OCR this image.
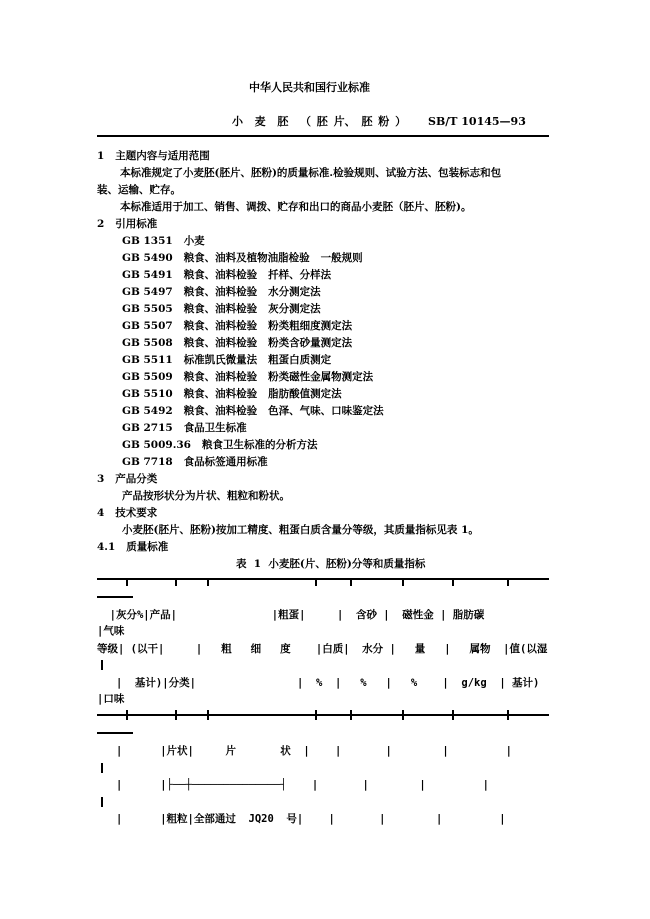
中华人民共和国行业标准
小  麦  胚  （ 胚 片、 胚 粉 ） SB/T 10145—93
1   主题内容与适用范围
本标准规定了小麦胚(胚片、胚粉)的质量标准.检验规则、试验方法、包装标志和包
装、运输、贮存。
本标准适用于加工、销售、调拨、贮存和出口的商品小麦胚（胚片、胚粉)。
2   引用标准
GB 1351   小麦
GB 5490   粮食、油料及植物油脂检验   一般规则
GB 5491   粮食、油料检验   扦样、分样法
GB 5497   粮食、油料检验   水分测定法
GB 5505   粮食、油料检验   灰分测定法
GB 5507   粮食、油料检验   粉类粗细度测定法
GB 5508   粮食、油料检验   粉类含砂量测定法
GB 5511   标准凯氏微量法   粗蛋白质测定
GB 5509   粮食、油料检验   粉类磁性金属物测定法
GB 5510   粮食、油料检验   脂肪酸值测定法
GB 5492   粮食、油料检验   色泽、气味、口味鉴定法
GB 2715   食品卫生标准
GB 5009.36   粮食卫生标准的分析方法
GB 7718   食品标签通用标准
3   产品分类
产品按形状分为片状、粗粒和粉状。
4   技术要求
小麦胚(胚片、胚粉)按加工精度、粗蛋白质含量分等级，其质量指标见表 1。
4.1   质量标准
表  1  小麦胚(片、胚粉)分等和质量指标
|灰分%|产品|               |粗蛋|     |  含砂 |  磁性金 | 脂肪碳
|气味
等级| (以干|     |   粗   细   度    |白质|  水分 |   量   |   属物  |值(以湿
|  基计)|分类|                |  %  |   %   |   %    |  g/kg  | 基计)
|口味
|      |片状|     片       状  |    |       |        |         |
|      |├──┼──────────────┤    |       |        |         |
|      |粗粒|全部通过  JQ20  号|    |       |        |         |
